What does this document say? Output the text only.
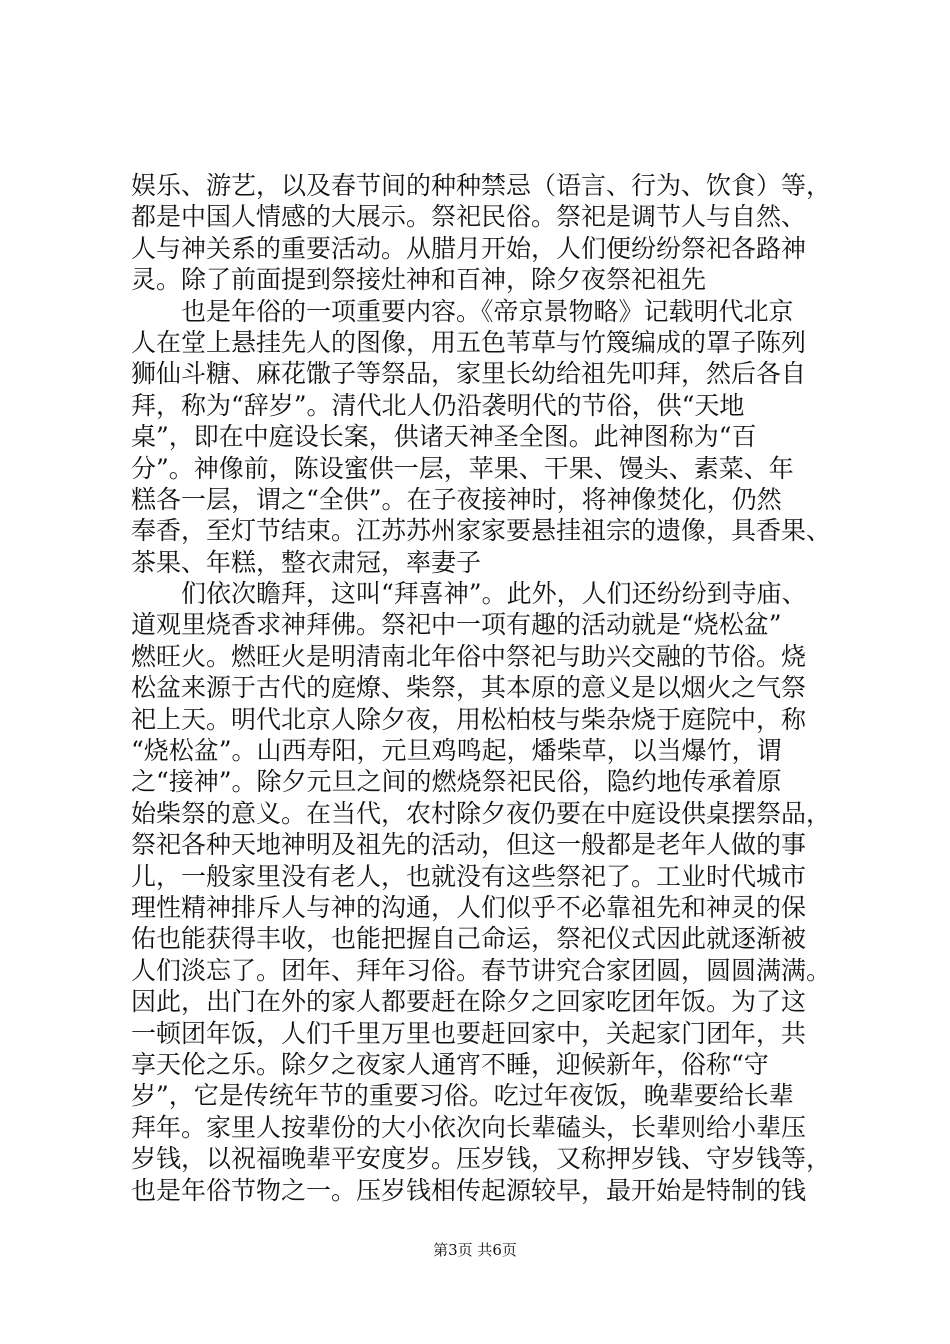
娱乐、游艺，以及春节间的种种禁忌（语言、行为、饮食）等，
都是中国人情感的大展示。祭祀民俗。祭祀是调节人与自然、
人与神关系的重要活动。从腊月开始，人们便纷纷祭祀各路神
灵。除了前面提到祭接灶神和百神，除夕夜祭祀祖先
　　也是年俗的一项重要内容。《帝京景物略》记载明代北京
人在堂上悬挂先人的图像，用五色苇草与竹篾编成的罩子陈列
狮仙斗糖、麻花馓子等祭品，家里长幼给祖先叩拜，然后各自
拜，称为“辞岁”。清代北人仍沿袭明代的节俗，供“天地
桌”，即在中庭设长案，供诸天神圣全图。此神图称为“百
分”。神像前，陈设蜜供一层，苹果、干果、馒头、素菜、年
糕各一层，谓之“全供”。在子夜接神时，将神像焚化，仍然
奉香，至灯节结束。江苏苏州家家要悬挂祖宗的遗像，具香果、
茶果、年糕，整衣肃冠，率妻子
　　们依次瞻拜，这叫“拜喜神”。此外，人们还纷纷到寺庙、
道观里烧香求神拜佛。祭祀中一项有趣的活动就是“烧松盆”
燃旺火。燃旺火是明清南北年俗中祭祀与助兴交融的节俗。烧
松盆来源于古代的庭燎、柴祭，其本原的意义是以烟火之气祭
祀上天。明代北京人除夕夜，用松柏枝与柴杂烧于庭院中，称
“烧松盆”。山西寿阳，元旦鸡鸣起，燔柴草，以当爆竹，谓
之“接神”。除夕元旦之间的燃烧祭祀民俗，隐约地传承着原
始柴祭的意义。在当代，农村除夕夜仍要在中庭设供桌摆祭品，
祭祀各种天地神明及祖先的活动，但这一般都是老年人做的事
儿，一般家里没有老人，也就没有这些祭祀了。工业时代城市
理性精神排斥人与神的沟通，人们似乎不必靠祖先和神灵的保
佑也能获得丰收，也能把握自己命运，祭祀仪式因此就逐渐被
人们淡忘了。团年、拜年习俗。春节讲究合家团圆，圆圆满满。
因此，出门在外的家人都要赶在除夕之回家吃团年饭。为了这
一顿团年饭，人们千里万里也要赶回家中，关起家门团年，共
享天伦之乐。除夕之夜家人通宵不睡，迎候新年，俗称“守
岁”，它是传统年节的重要习俗。吃过年夜饭，晚辈要给长辈
拜年。家里人按辈份的大小依次向长辈磕头，长辈则给小辈压
岁钱，以祝福晚辈平安度岁。压岁钱，又称押岁钱、守岁钱等，
也是年俗节物之一。压岁钱相传起源较早，最开始是特制的钱
第3页 共6页
